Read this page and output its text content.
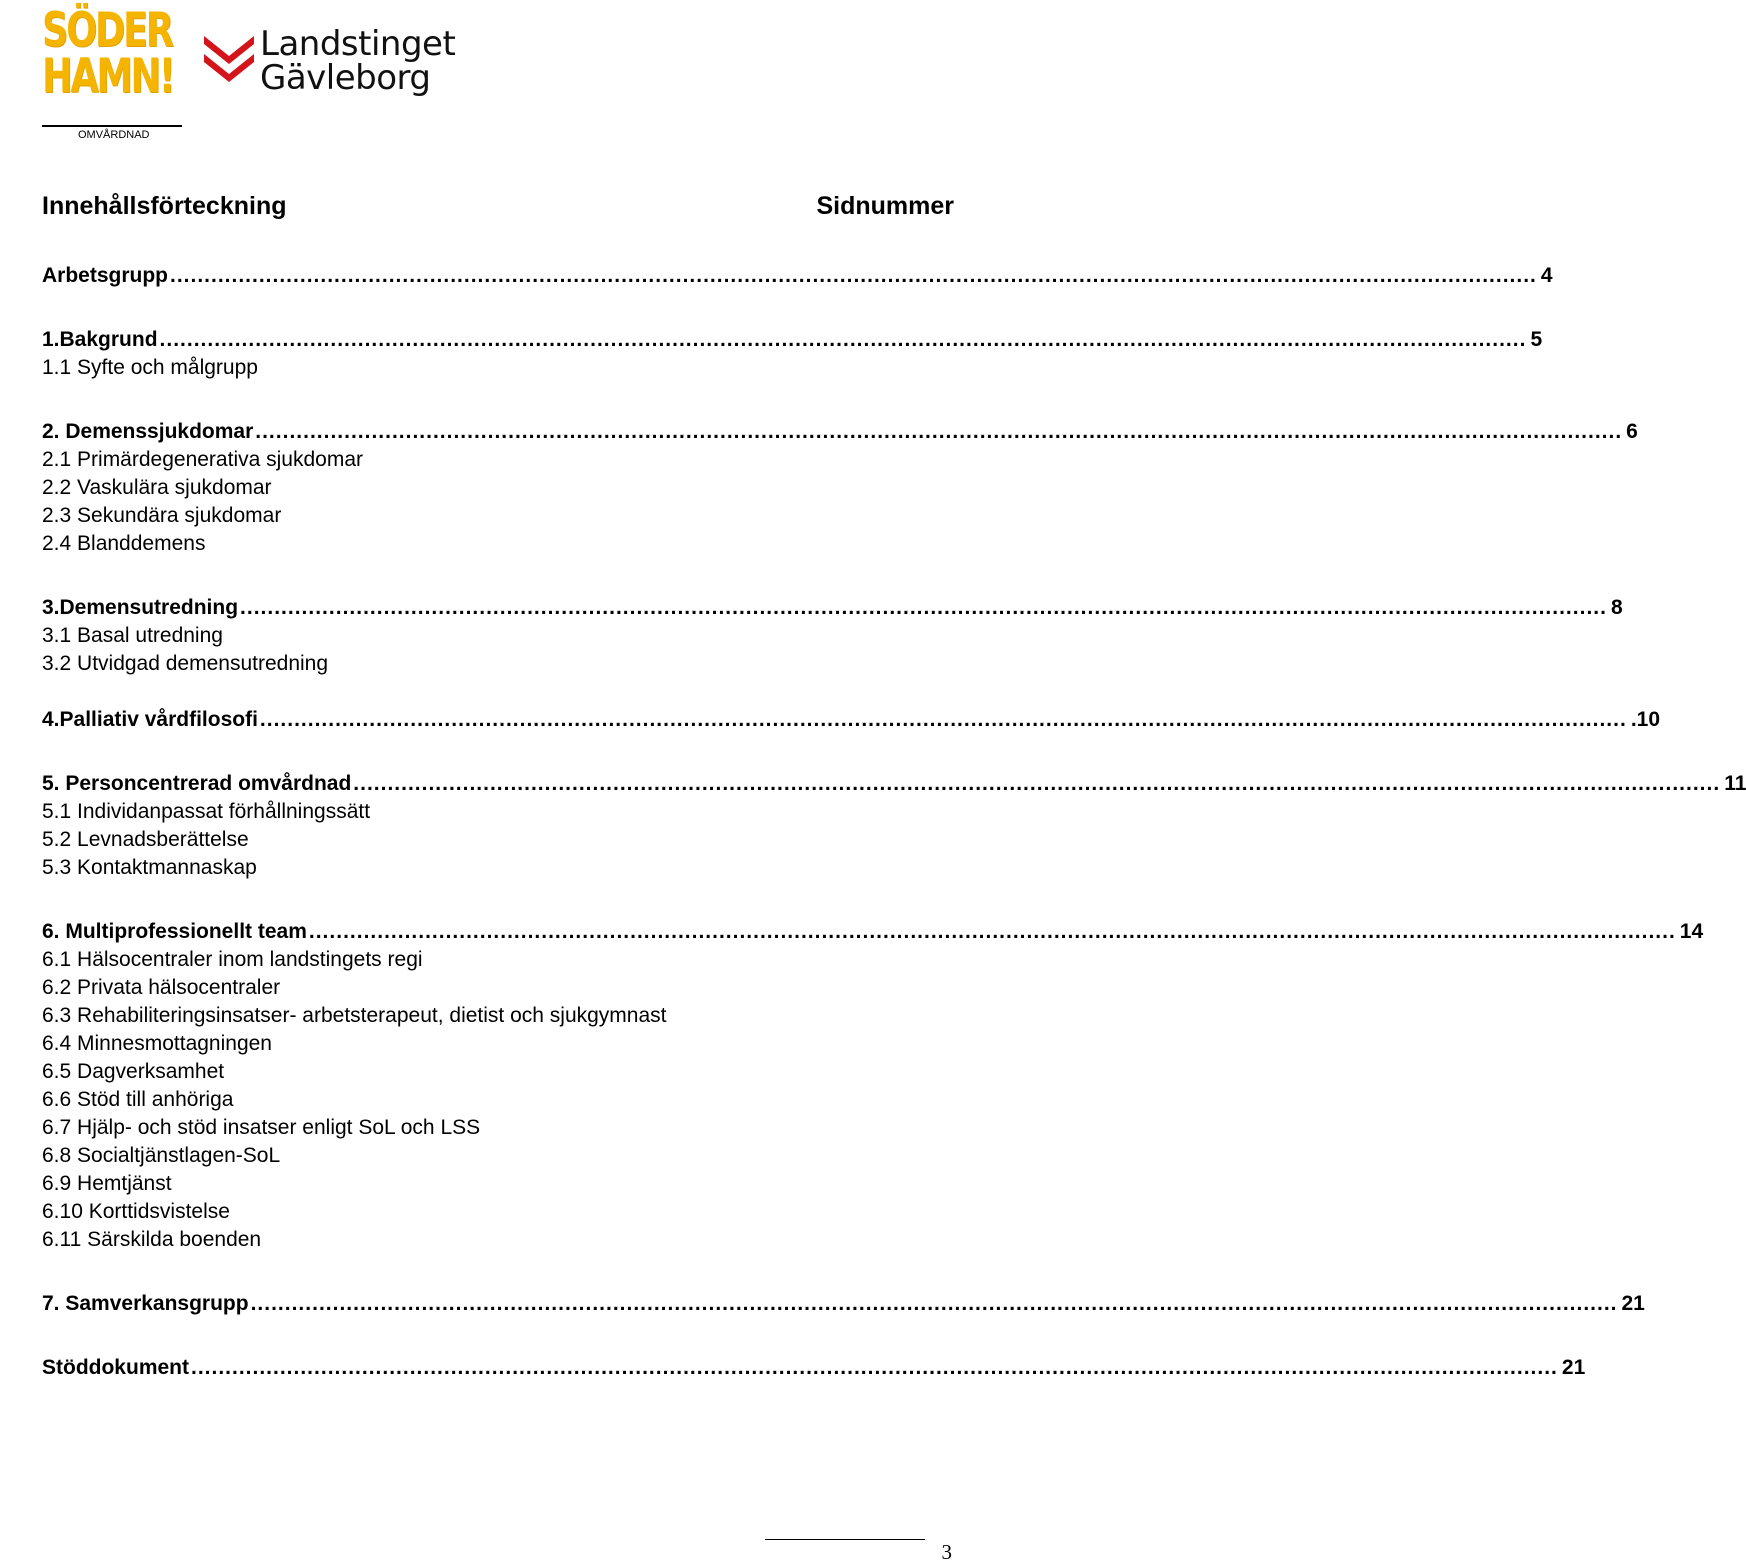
SÖDER
HAMN!
OMVÅRDNAD
Landstinget
Gävleborg
Innehållsförteckning	Sidnummer
Arbetsgrupp ........................................................................................................................................................................................................ 4
1.Bakgrund ........................................................................................................................................................................................................ 5
1.1 Syfte och målgrupp
2. Demenssjukdomar ........................................................................................................................................................................................................ 6
2.1 Primärdegenerativa sjukdomar
2.2 Vaskulära sjukdomar
2.3 Sekundära sjukdomar
2.4 Blanddemens
3.Demensutredning ........................................................................................................................................................................................................ 8
3.1 Basal utredning
3.2 Utvidgad demensutredning
4.Palliativ vårdfilosofi ........................................................................................................................................................................................................ .10
5. Personcentrerad omvårdnad ........................................................................................................................................................................................................ 11
5.1 Individanpassat förhållningssätt
5.2 Levnadsberättelse
5.3 Kontaktmannaskap
6. Multiprofessionellt team ........................................................................................................................................................................................................ 14
6.1 Hälsocentraler inom landstingets regi
6.2 Privata hälsocentraler
6.3 Rehabiliteringsinsatser- arbetsterapeut, dietist och sjukgymnast
6.4 Minnesmottagningen
6.5 Dagverksamhet
6.6 Stöd till anhöriga
6.7 Hjälp- och stöd insatser enligt SoL och LSS
6.8 Socialtjänstlagen-SoL
6.9 Hemtjänst
6.10 Korttidsvistelse
6.11 Särskilda boenden
7. Samverkansgrupp ........................................................................................................................................................................................................ 21
Stöddokument ........................................................................................................................................................................................................ 21
3
